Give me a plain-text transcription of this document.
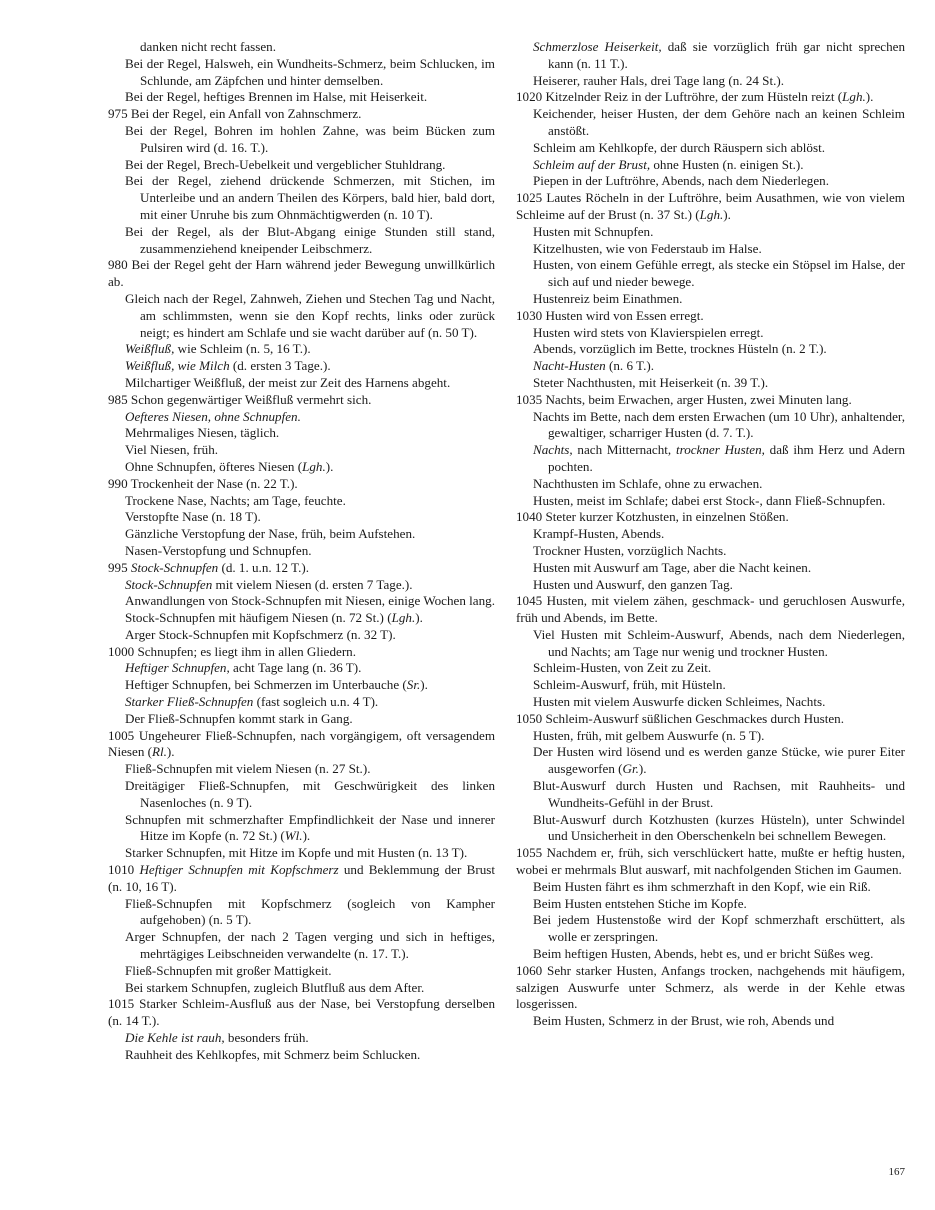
danken nicht recht fassen.
Bei der Regel, Halsweh, ein Wundheits-Schmerz, beim Schlucken, im Schlunde, am Zäpfchen und hinter demselben.
Bei der Regel, heftiges Brennen im Halse, mit Heiserkeit.
975 Bei der Regel, ein Anfall von Zahnschmerz.
Bei der Regel, Bohren im hohlen Zahne, was beim Bücken zum Pulsiren wird (d. 16. T.).
Bei der Regel, Brech-Uebelkeit und vergeblicher Stuhldrang.
Bei der Regel, ziehend drückende Schmerzen, mit Stichen, im Unterleibe und an andern Theilen des Körpers, bald hier, bald dort, mit einer Unruhe bis zum Ohnmächtigwerden (n. 10 T).
Bei der Regel, als der Blut-Abgang einige Stunden still stand, zusammenziehend kneipender Leibschmerz.
980 Bei der Regel geht der Harn während jeder Bewegung unwillkürlich ab.
Gleich nach der Regel, Zahnweh, Ziehen und Stechen Tag und Nacht, am schlimmsten, wenn sie den Kopf rechts, links oder zurück neigt; es hindert am Schlafe und sie wacht darüber auf (n. 50 T).
Weißfluß, wie Schleim (n. 5, 16 T.).
Weißfluß, wie Milch (d. ersten 3 Tage.).
Milchartiger Weißfluß, der meist zur Zeit des Harnens abgeht.
985 Schon gegenwärtiger Weißfluß vermehrt sich.
Oefteres Niesen, ohne Schnupfen.
Mehrmaliges Niesen, täglich.
Viel Niesen, früh.
Ohne Schnupfen, öfteres Niesen (Lgh.).
990 Trockenheit der Nase (n. 22 T.).
Trockene Nase, Nachts; am Tage, feuchte.
Verstopfte Nase (n. 18 T).
Gänzliche Verstopfung der Nase, früh, beim Aufstehen.
Nasen-Verstopfung und Schnupfen.
995 Stock-Schnupfen (d. 1. u.n. 12 T.).
Stock-Schnupfen mit vielem Niesen (d. ersten 7 Tage.).
Anwandlungen von Stock-Schnupfen mit Niesen, einige Wochen lang.
Stock-Schnupfen mit häufigem Niesen (n. 72 St.) (Lgh.).
Arger Stock-Schnupfen mit Kopfschmerz (n. 32 T).
1000 Schnupfen; es liegt ihm in allen Gliedern.
Heftiger Schnupfen, acht Tage lang (n. 36 T).
Heftiger Schnupfen, bei Schmerzen im Unterbauche (Sr.).
Starker Fließ-Schnupfen (fast sogleich u.n. 4 T).
Der Fließ-Schnupfen kommt stark in Gang.
1005 Ungeheurer Fließ-Schnupfen, nach vorgängigem, oft versagendem Niesen (Rl.).
Fließ-Schnupfen mit vielem Niesen (n. 27 St.).
Dreitägiger Fließ-Schnupfen, mit Geschwürigkeit des linken Nasenloches (n. 9 T).
Schnupfen mit schmerzhafter Empfindlichkeit der Nase und innerer Hitze im Kopfe (n. 72 St.) (Wl.).
Starker Schnupfen, mit Hitze im Kopfe und mit Husten (n. 13 T).
1010 Heftiger Schnupfen mit Kopfschmerz und Beklemmung der Brust (n. 10, 16 T).
Fließ-Schnupfen mit Kopfschmerz (sogleich von Kampher aufgehoben) (n. 5 T).
Arger Schnupfen, der nach 2 Tagen verging und sich in heftiges, mehrtägiges Leibschneiden verwandelte (n. 17. T.).
Fließ-Schnupfen mit großer Mattigkeit.
Bei starkem Schnupfen, zugleich Blutfluß aus dem After.
1015 Starker Schleim-Ausfluß aus der Nase, bei Verstopfung derselben (n. 14 T.).
Die Kehle ist rauh, besonders früh.
Rauhheit des Kehlkopfes, mit Schmerz beim Schlucken.
Schmerzlose Heiserkeit, daß sie vorzüglich früh gar nicht sprechen kann (n. 11 T.).
Heiserer, rauher Hals, drei Tage lang (n. 24 St.).
1020 Kitzelnder Reiz in der Luftröhre, der zum Hüsteln reizt (Lgh.).
Keichender, heiser Husten, der dem Gehöre nach an keinen Schleim anstößt.
Schleim am Kehlkopfe, der durch Räuspern sich ablöst.
Schleim auf der Brust, ohne Husten (n. einigen St.).
Piepen in der Luftröhre, Abends, nach dem Niederlegen.
1025 Lautes Röcheln in der Luftröhre, beim Ausathmen, wie von vielem Schleime auf der Brust (n. 37 St.) (Lgh.).
Husten mit Schnupfen.
Kitzelhusten, wie von Federstaub im Halse.
Husten, von einem Gefühle erregt, als stecke ein Stöpsel im Halse, der sich auf und nieder bewege.
Hustenreiz beim Einathmen.
1030 Husten wird von Essen erregt.
Husten wird stets von Klavierspielen erregt.
Abends, vorzüglich im Bette, trocknes Hüsteln (n. 2 T.).
Nacht-Husten (n. 6 T.).
Steter Nachthusten, mit Heiserkeit (n. 39 T.).
1035 Nachts, beim Erwachen, arger Husten, zwei Minuten lang.
Nachts im Bette, nach dem ersten Erwachen (um 10 Uhr), anhaltender, gewaltiger, scharriger Husten (d. 7. T.).
Nachts, nach Mitternacht, trockner Husten, daß ihm Herz und Adern pochten.
Nachthusten im Schlafe, ohne zu erwachen.
Husten, meist im Schlafe; dabei erst Stock-, dann Fließ-Schnupfen.
1040 Steter kurzer Kotzhusten, in einzelnen Stößen.
Krampf-Husten, Abends.
Trockner Husten, vorzüglich Nachts.
Husten mit Auswurf am Tage, aber die Nacht keinen.
Husten und Auswurf, den ganzen Tag.
1045 Husten, mit vielem zähen, geschmack- und geruchlosen Auswurfe, früh und Abends, im Bette.
Viel Husten mit Schleim-Auswurf, Abends, nach dem Niederlegen, und Nachts; am Tage nur wenig und trockner Husten.
Schleim-Husten, von Zeit zu Zeit.
Schleim-Auswurf, früh, mit Hüsteln.
Husten mit vielem Auswurfe dicken Schleimes, Nachts.
1050 Schleim-Auswurf süßlichen Geschmackes durch Husten.
Husten, früh, mit gelbem Auswurfe (n. 5 T).
Der Husten wird lösend und es werden ganze Stücke, wie purer Eiter ausgeworfen (Gr.).
Blut-Auswurf durch Husten und Rachsen, mit Rauhheits- und Wundheits-Gefühl in der Brust.
Blut-Auswurf durch Kotzhusten (kurzes Hüsteln), unter Schwindel und Unsicherheit in den Oberschenkeln bei schnellem Bewegen.
1055 Nachdem er, früh, sich verschlückert hatte, mußte er heftig husten, wobei er mehrmals Blut auswarf, mit nachfolgenden Stichen im Gaumen.
Beim Husten fährt es ihm schmerzhaft in den Kopf, wie ein Riß.
Beim Husten entstehen Stiche im Kopfe.
Bei jedem Hustenstoße wird der Kopf schmerzhaft erschüttert, als wolle er zerspringen.
Beim heftigen Husten, Abends, hebt es, und er bricht Süßes weg.
1060 Sehr starker Husten, Anfangs trocken, nachgehends mit häufigem, salzigen Auswurfe unter Schmerz, als werde in der Kehle etwas losgerissen.
Beim Husten, Schmerz in der Brust, wie roh, Abends und
167
